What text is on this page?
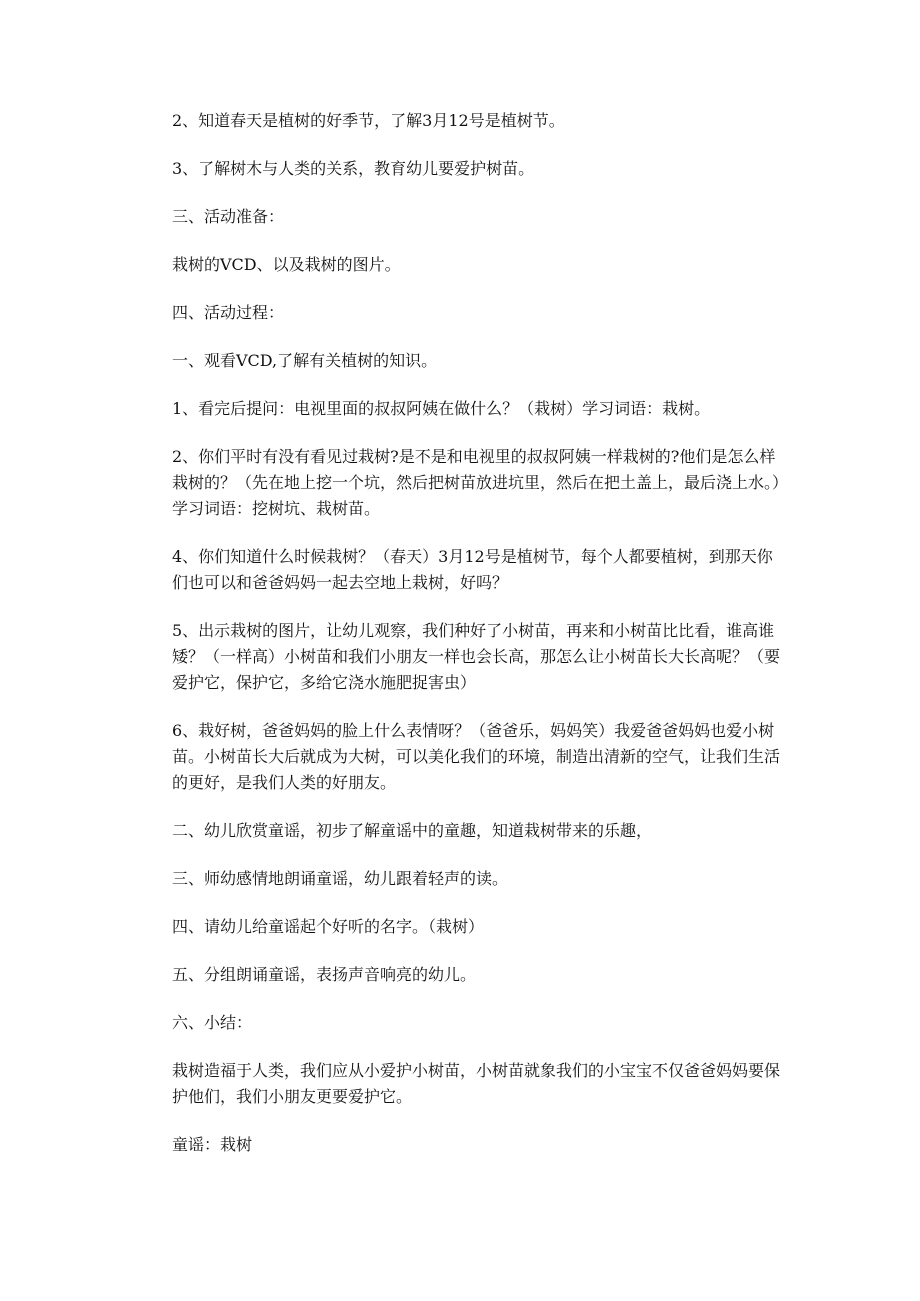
2、知道春天是植树的好季节，了解3月12号是植树节。

3、了解树木与人类的关系，教育幼儿要爱护树苗。

三、活动准备：

栽树的VCD、以及栽树的图片。

四、活动过程：

一、观看VCD,了解有关植树的知识。

1、看完后提问：电视里面的叔叔阿姨在做什么？（栽树）学习词语：栽树。

2、你们平时有没有看见过栽树?是不是和电视里的叔叔阿姨一样栽树的?他们是怎么样栽树的？（先在地上挖一个坑，然后把树苗放进坑里，然后在把土盖上，最后浇上水。）学习词语：挖树坑、栽树苗。

4、你们知道什么时候栽树？（春天）3月12号是植树节，每个人都要植树，到那天你们也可以和爸爸妈妈一起去空地上栽树，好吗？

5、出示栽树的图片，让幼儿观察，我们种好了小树苗，再来和小树苗比比看，谁高谁矮？（一样高）小树苗和我们小朋友一样也会长高，那怎么让小树苗长大长高呢？（要爱护它，保护它，多给它浇水施肥捉害虫）

6、栽好树，爸爸妈妈的脸上什么表情呀？（爸爸乐，妈妈笑）我爱爸爸妈妈也爱小树苗。小树苗长大后就成为大树，可以美化我们的环境，制造出清新的空气，让我们生活的更好，是我们人类的好朋友。

二、幼儿欣赏童谣，初步了解童谣中的童趣，知道栽树带来的乐趣，

三、师幼感情地朗诵童谣，幼儿跟着轻声的读。

四、请幼儿给童谣起个好听的名字。（栽树）

五、分组朗诵童谣，表扬声音响亮的幼儿。

六、小结：

栽树造福于人类，我们应从小爱护小树苗，小树苗就象我们的小宝宝不仅爸爸妈妈要保护他们，我们小朋友更要爱护它。

童谣：栽树
